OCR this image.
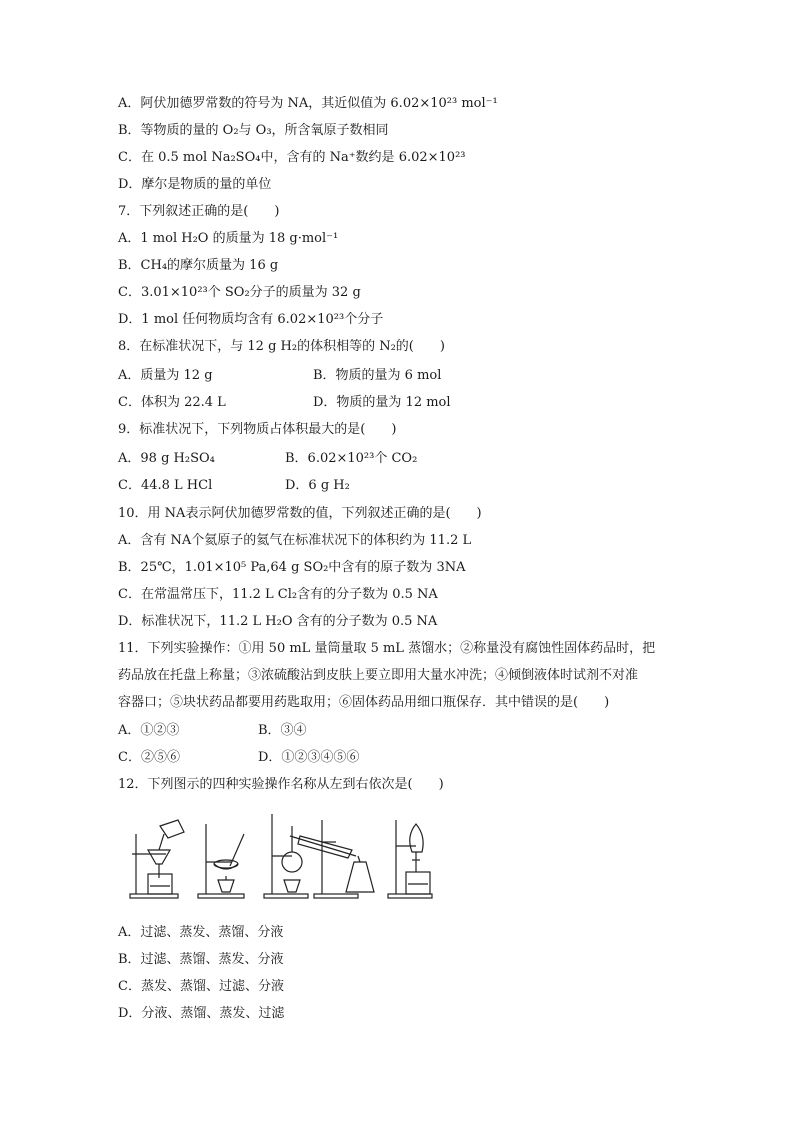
A．阿伏加德罗常数的符号为 NA，其近似值为 6.02×10²³ mol⁻¹
B．等物质的量的 O₂与 O₃，所含氧原子数相同
C．在 0.5 mol Na₂SO₄中，含有的 Na⁺数约是 6.02×10²³
D．摩尔是物质的量的单位
7．下列叙述正确的是(　　)
A．1 mol H₂O 的质量为 18 g·mol⁻¹
B．CH₄的摩尔质量为 16 g
C．3.01×10²³个 SO₂分子的质量为 32 g
D．1 mol 任何物质均含有 6.02×10²³个分子
8．在标准状况下，与 12 g H₂的体积相等的 N₂的(　　)
A．质量为 12 g	B．物质的量为 6 mol
C．体积为 22.4 L	D．物质的量为 12 mol
9．标准状况下，下列物质占体积最大的是(　　)
A．98 g H₂SO₄	B．6.02×10²³个 CO₂
C．44.8 L HCl	D．6 g H₂
10．用 NA表示阿伏加德罗常数的值，下列叙述正确的是(　　)
A．含有 NA个氦原子的氦气在标准状况下的体积约为 11.2 L
B．25℃，1.01×10⁵ Pa,64 g SO₂中含有的原子数为 3NA
C．在常温常压下，11.2 L Cl₂含有的分子数为 0.5 NA
D．标准状况下，11.2 L H₂O 含有的分子数为 0.5 NA
11．下列实验操作：①用 50 mL 量筒量取 5 mL 蒸馏水；②称量没有腐蚀性固体药品时，把
药品放在托盘上称量；③浓硫酸沾到皮肤上要立即用大量水冲洗；④倾倒液体时试剂不对准
容器口；⑤块状药品都要用药匙取用；⑥固体药品用细口瓶保存．其中错误的是(　　)
A．①②③	B．③④
C．②⑤⑥	D．①②③④⑤⑥
12．下列图示的四种实验操作名称从左到右依次是(　　)
A．过滤、蒸发、蒸馏、分液
B．过滤、蒸馏、蒸发、分液
C．蒸发、蒸馏、过滤、分液
D．分液、蒸馏、蒸发、过滤
